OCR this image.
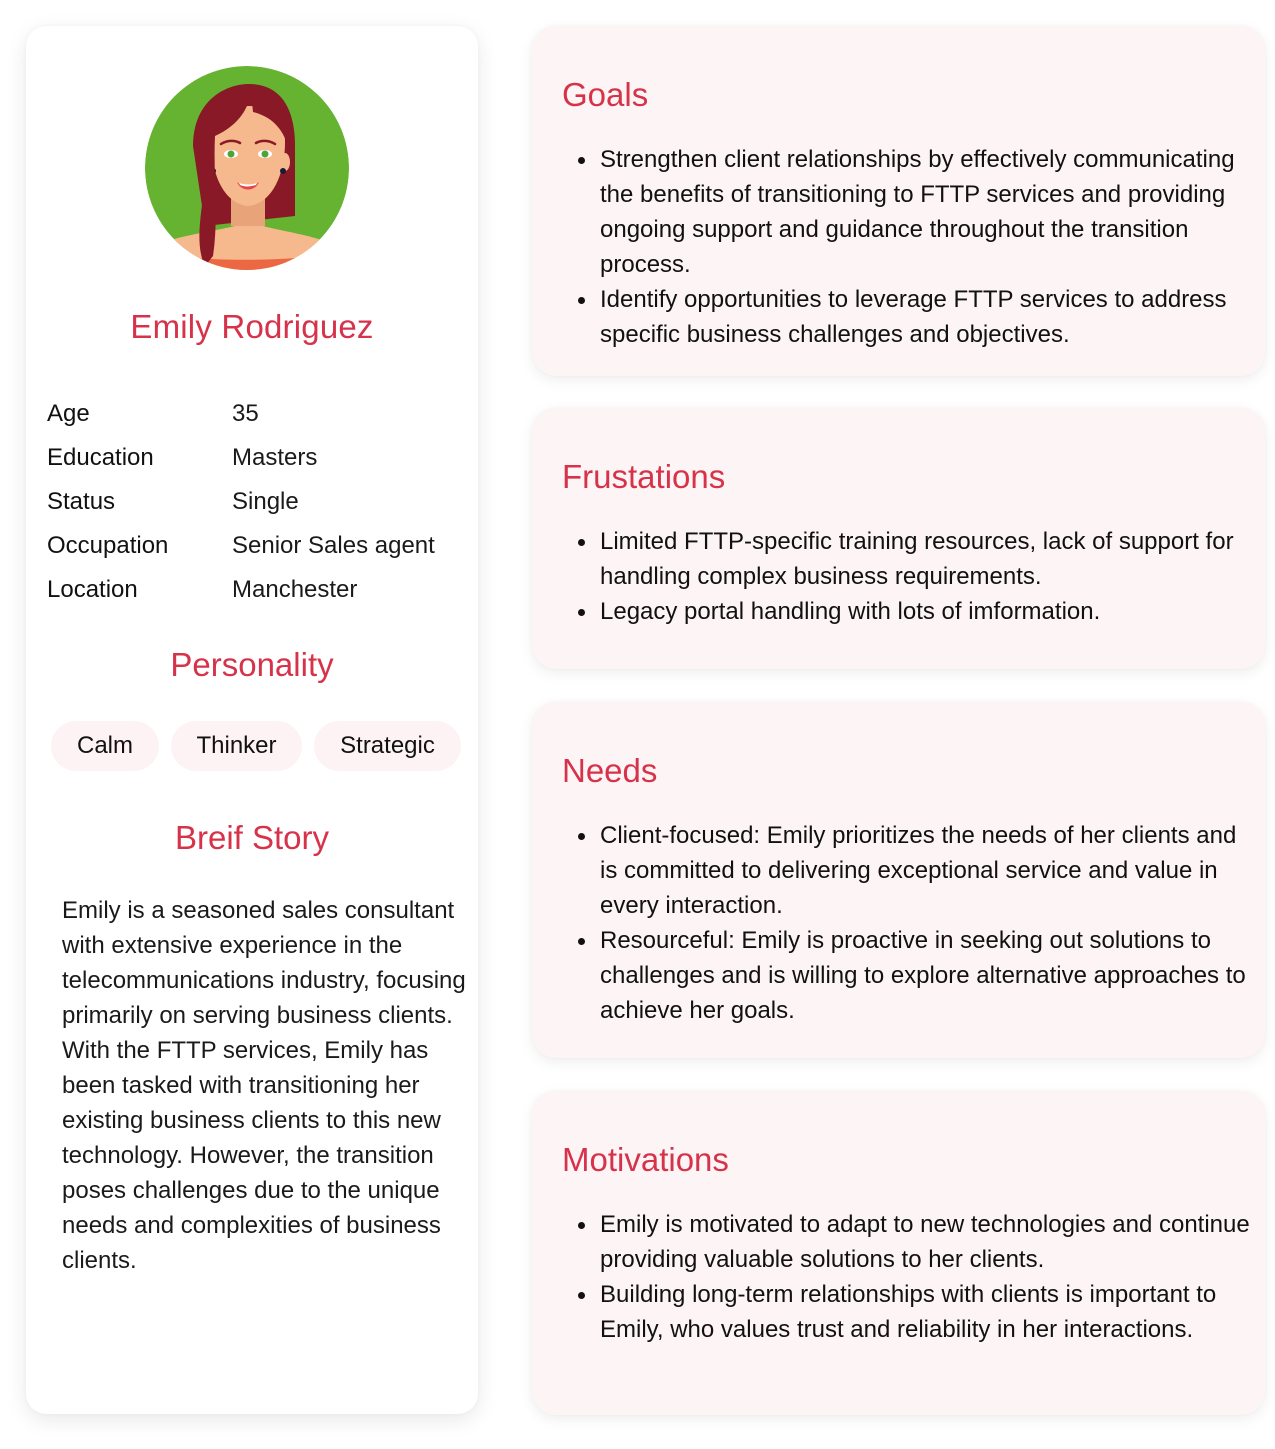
Emily Rodriguez
Age	35
Education	Masters
Status	Single
Occupation	Senior Sales agent
Location	Manchester
Personality
Calm	Thinker	Strategic
Breif Story

Emily is a seasoned sales consultant with extensive experience in the telecommunications industry, focusing primarily on serving business clients. With the FTTP services, Emily has been tasked with transitioning her existing business clients to this new technology. However, the transition poses challenges due to the unique needs and complexities of business clients.

Goals
Strengthen client relationships by effectively communicating the benefits of transitioning to FTTP services and providing ongoing support and guidance throughout the transition process.
Identify opportunities to leverage FTTP services to address specific business challenges and objectives.
Frustations
Limited FTTP-specific training resources, lack of support for handling complex business requirements.
Legacy portal handling with lots of imformation.
Needs
Client-focused: Emily prioritizes the needs of her clients and is committed to delivering exceptional service and value in every interaction.
Resourceful: Emily is proactive in seeking out solutions to challenges and is willing to explore alternative approaches to achieve her goals.
Motivations
Emily is motivated to adapt to new technologies and continue providing valuable solutions to her clients.
Building long-term relationships with clients is important to Emily, who values trust and reliability in her interactions.
